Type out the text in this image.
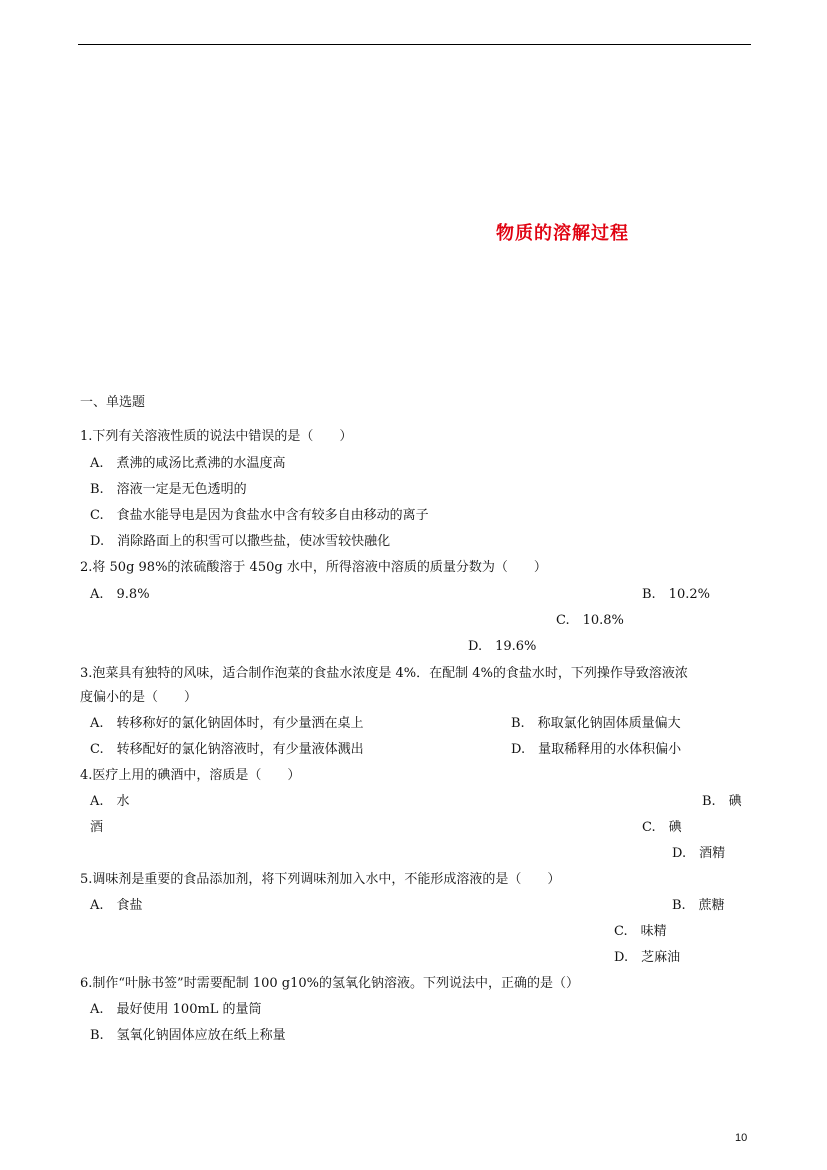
物质的溶解过程
一、单选题
1.下列有关溶液性质的说法中错误的是（　　）
A.　煮沸的咸汤比煮沸的水温度高
B.　溶液一定是无色透明的
C.　食盐水能导电是因为食盐水中含有较多自由移动的离子
D.　消除路面上的积雪可以撒些盐，使冰雪较快融化
2.将 50g 98%的浓硫酸溶于 450g 水中，所得溶液中溶质的质量分数为（　　）
A.　9.8%	B.　10.2%
C.　10.8%
D.　19.6%
3.泡菜具有独特的风味，适合制作泡菜的食盐水浓度是 4%．在配制 4%的食盐水时，下列操作导致溶液浓
度偏小的是（　　）
A.　转移称好的氯化钠固体时，有少量洒在桌上	B.　称取氯化钠固体质量偏大
C.　转移配好的氯化钠溶液时，有少量液体溅出	D.　量取稀释用的水体积偏小
4.医疗上用的碘酒中，溶质是（　　）
A.　水	B.　碘
酒	C.　碘
D.　酒精
5.调味剂是重要的食品添加剂，将下列调味剂加入水中，不能形成溶液的是（　　）
A.　食盐	B.　蔗糖
C.　味精
D.　芝麻油
6.制作“叶脉书签”时需要配制 100 g10%的氢氧化钠溶液。下列说法中，正确的是（）
A.　最好使用 100mL 的量筒
B.　氢氧化钠固体应放在纸上称量
10
